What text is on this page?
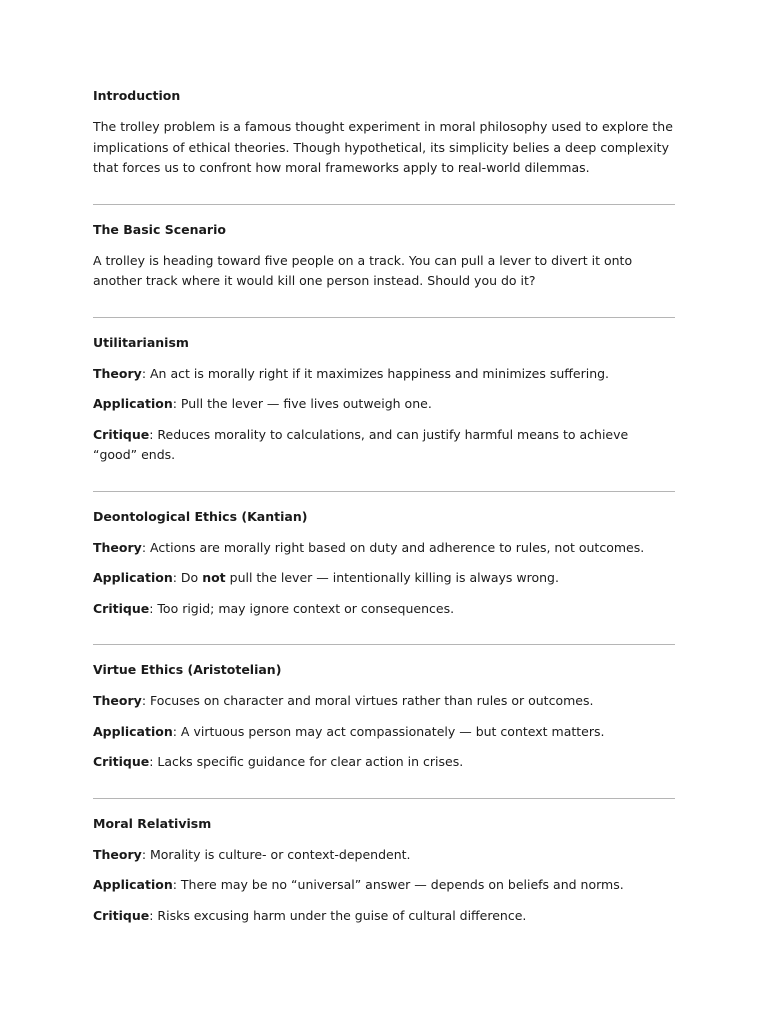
Introduction

The trolley problem is a famous thought experiment in moral philosophy used to explore the implications of ethical theories. Though hypothetical, its simplicity belies a deep complexity that forces us to confront how moral frameworks apply to real-world dilemmas.

The Basic Scenario

A trolley is heading toward five people on a track. You can pull a lever to divert it onto another track where it would kill one person instead. Should you do it?

Utilitarianism

Theory: An act is morally right if it maximizes happiness and minimizes suffering.

Application: Pull the lever — five lives outweigh one.

Critique: Reduces morality to calculations, and can justify harmful means to achieve “good” ends.

Deontological Ethics (Kantian)

Theory: Actions are morally right based on duty and adherence to rules, not outcomes.

Application: Do not pull the lever — intentionally killing is always wrong.

Critique: Too rigid; may ignore context or consequences.

Virtue Ethics (Aristotelian)

Theory: Focuses on character and moral virtues rather than rules or outcomes.

Application: A virtuous person may act compassionately — but context matters.

Critique: Lacks specific guidance for clear action in crises.

Moral Relativism

Theory: Morality is culture- or context-dependent.

Application: There may be no “universal” answer — depends on beliefs and norms.

Critique: Risks excusing harm under the guise of cultural difference.
